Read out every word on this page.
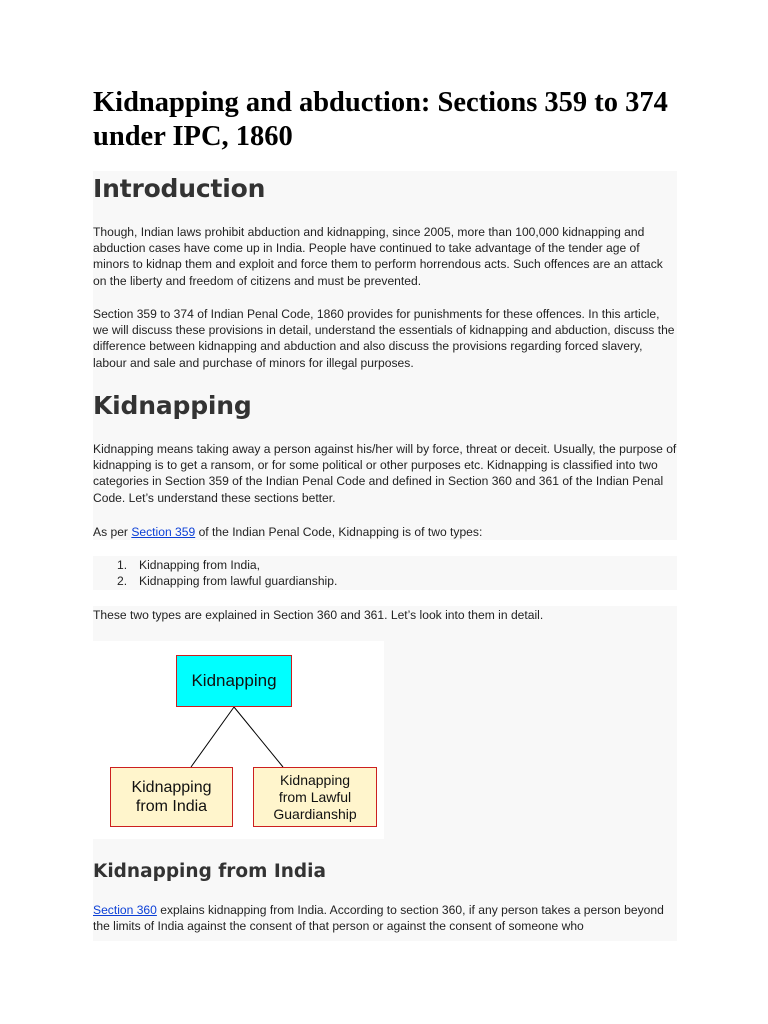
Kidnapping and abduction: Sections 359 to 374 under IPC, 1860
Introduction

Though, Indian laws prohibit abduction and kidnapping, since 2005, more than 100,000 kidnapping and abduction cases have come up in India. People have continued to take advantage of the tender age of minors to kidnap them and exploit and force them to perform horrendous acts. Such offences are an attack on the liberty and freedom of citizens and must be prevented.

Section 359 to 374 of Indian Penal Code, 1860 provides for punishments for these offences. In this article, we will discuss these provisions in detail, understand the essentials of kidnapping and abduction, discuss the difference between kidnapping and abduction and also discuss the provisions regarding forced slavery, labour and sale and purchase of minors for illegal purposes.

Kidnapping

Kidnapping means taking away a person against his/her will by force, threat or deceit. Usually, the purpose of kidnapping is to get a ransom, or for some political or other purposes etc. Kidnapping is classified into two categories in Section 359 of the Indian Penal Code and defined in Section 360 and 361 of the Indian Penal Code. Let’s understand these sections better.

As per Section 359 of the Indian Penal Code, Kidnapping is of two types:

1. Kidnapping from India,
2. Kidnapping from lawful guardianship.

These two types are explained in Section 360 and 361. Let’s look into them in detail.

Kidnapping
Kidnapping
from India
Kidnapping
from Lawful
Guardianship
Kidnapping from India

Section 360 explains kidnapping from India. According to section 360, if any person takes a person beyond the limits of India against the consent of that person or against the consent of someone who
